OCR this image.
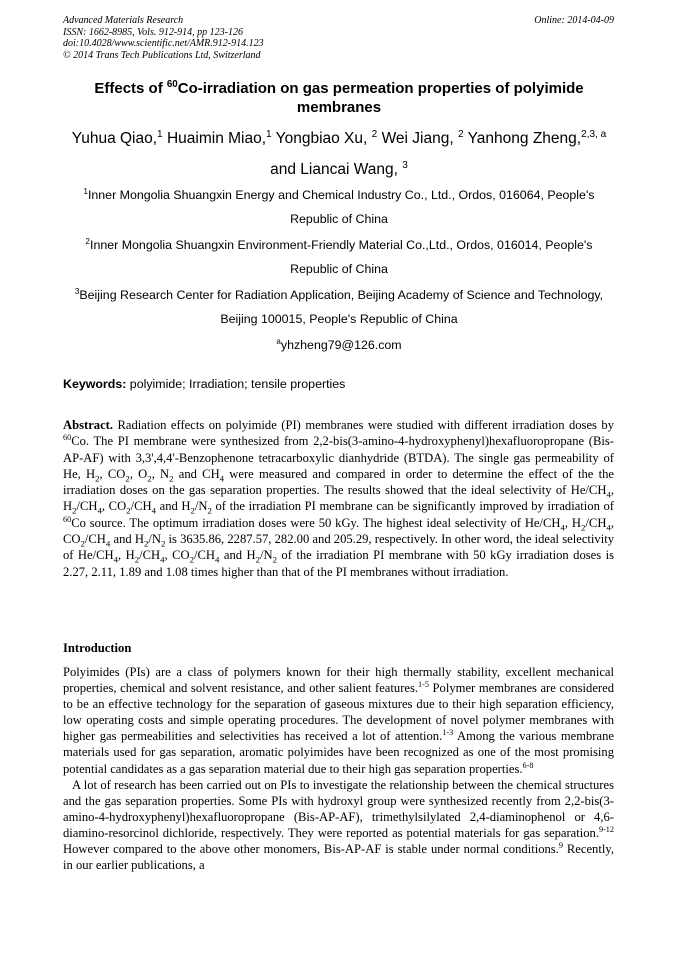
Advanced Materials Research
ISSN: 1662-8985, Vols. 912-914, pp 123-126
doi:10.4028/www.scientific.net/AMR.912-914.123
© 2014 Trans Tech Publications Ltd, Switzerland
Online: 2014-04-09
Effects of $^{60}$Co-irradiation on gas permeation properties of polyimide membranes
Yuhua Qiao,$^1$ Huaimin Miao,$^1$ Yongbiao Xu, $^2$ Wei Jiang, $^2$ Yanhong Zheng,$^{2,3, a}$
and Liancai Wang, $^3$
$^1$Inner Mongolia Shuangxin Energy and Chemical Industry Co., Ltd., Ordos, 016064, People's Republic of China
$^2$Inner Mongolia Shuangxin Environment-Friendly Material Co.,Ltd., Ordos, 016014, People's Republic of China
$^3$Beijing Research Center for Radiation Application, Beijing Academy of Science and Technology, Beijing 100015, People's Republic of China
$^a$yhzheng79@126.com
Keywords: polyimide; Irradiation; tensile properties
Abstract. Radiation effects on polyimide (PI) membranes were studied with different irradiation doses by $^{60}$Co. The PI membrane were synthesized from 2,2-bis(3-amino-4-hydroxyphenyl)hexafluoropropane (Bis-AP-AF) with 3,3',4,4'-Benzophenone tetracarboxylic dianhydride (BTDA). The single gas permeability of He, $H_2$, $CO_2$, $O_2$, $N_2$ and $CH_4$ were measured and compared in order to determine the effect of the the irradiation doses on the gas separation properties. The results showed that the ideal selectivity of $He/CH_4$, $H_2/CH_4$, $CO_2/CH_4$ and $H_2/N_2$ of the irradiation PI membrane can be significantly improved by irradiation of $^{60}$Co source. The optimum irradiation doses were 50 kGy. The highest ideal selectivity of $He/CH_4$, $H_2/CH_4$, $CO_2/CH_4$ and $H_2/N_2$ is 3635.86, 2287.57, 282.00 and 205.29, respectively. In other word, the ideal selectivity of $He/CH_4$, $H_2/CH_4$, $CO_2/CH_4$ and $H_2/N_2$ of the irradiation PI membrane with 50 kGy irradiation doses is 2.27, 2.11, 1.89 and 1.08 times higher than that of the PI membranes without irradiation.
Introduction

Polyimides (PIs) are a class of polymers known for their high thermally stability, excellent mechanical properties, chemical and solvent resistance, and other salient features.$^{1-5}$ Polymer membranes are considered to be an effective technology for the separation of gaseous mixtures due to their high separation efficiency, low operating costs and simple operating procedures. The development of novel polymer membranes with higher gas permeabilities and selectivities has received a lot of attention.$^{1-3}$ Among the various membrane materials used for gas separation, aromatic polyimides have been recognized as one of the most promising potential candidates as a gas separation material due to their high gas separation properties.$^{6-8}$

A lot of research has been carried out on PIs to investigate the relationship between the chemical structures and the gas separation properties. Some PIs with hydroxyl group were synthesized recently from 2,2-bis(3-amino-4-hydroxyphenyl)hexafluoropropane (Bis-AP-AF), trimethylsilylated 2,4-diaminophenol or 4,6-diamino-resorcinol dichloride, respectively. They were reported as potential materials for gas separation.$^{9-12}$ However compared to the above other monomers, Bis-AP-AF is stable under normal conditions.$^9$ Recently, in our earlier publications, a
